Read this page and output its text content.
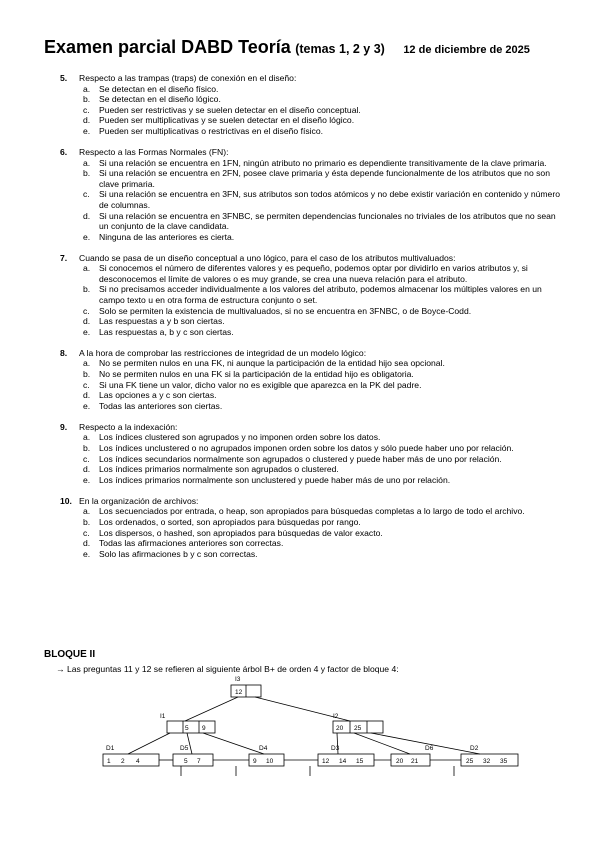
Examen parcial DABD Teoría (temas 1, 2 y 3) 12 de diciembre de 2025
5.	Respecto a las trampas (traps) de conexión en el diseño:
a.	Se detectan en el diseño físico.
b.	Se detectan en el diseño lógico.
c.	Pueden ser restrictivas y se suelen detectar en el diseño conceptual.
d.	Pueden ser multiplicativas y se suelen detectar en el diseño lógico.
e.	Pueden ser multiplicativas o restrictivas en el diseño físico.
6.	Respecto a las Formas Normales (FN):
a.	Si una relación se encuentra en 1FN, ningún atributo no primario es dependiente transitivamente de la clave primaria.
b.	Si una relación se encuentra en 2FN, posee clave primaria y ésta depende funcionalmente de los atributos que no son clave primaria.
c.	Si una relación se encuentra en 3FN, sus atributos son todos atómicos y no debe existir variación en contenido y número de columnas.
d.	Si una relación se encuentra en 3FNBC, se permiten dependencias funcionales no triviales de los atributos que no sean un conjunto de la clave candidata.
e.	Ninguna de las anteriores es cierta.
7.	Cuando se pasa de un diseño conceptual a uno lógico, para el caso de los atributos multivaluados:
a.	Si conocemos el número de diferentes valores y es pequeño, podemos optar por dividirlo en varios atributos y, si desconocemos el límite de valores o es muy grande, se crea una nueva relación para el atributo.
b.	Si no precisamos acceder individualmente a los valores del atributo, podemos almacenar los múltiples valores en un campo texto u en otra forma de estructura conjunto o set.
c.	Solo se permiten la existencia de multivaluados, si no se encuentra en 3FNBC, o de Boyce-Codd.
d.	Las respuestas a y b son ciertas.
e.	Las respuestas a, b y c son ciertas.
8.	A la hora de comprobar las restricciones de integridad de un modelo lógico:
a.	No se permiten nulos en una FK, ni aunque la participación de la entidad hijo sea opcional.
b.	No se permiten nulos en una FK si la participación de la entidad hijo es obligatoria.
c.	Si una FK tiene un valor, dicho valor no es exigible que aparezca en la PK del padre.
d.	Las opciones a y c son ciertas.
e.	Todas las anteriores son ciertas.
9.	Respecto a la indexación:
a.	Los índices clustered son agrupados y no imponen orden sobre los datos.
b.	Los índices unclustered o no agrupados imponen orden sobre los datos y sólo puede haber uno por relación.
c.	Los índices secundarios normalmente son agrupados o clustered y puede haber más de uno por relación.
d.	Los índices primarios normalmente son agrupados o clustered.
e.	Los índices primarios normalmente son unclustered y puede haber más de uno por relación.
10. En la organización de archivos:
a.	Los secuenciados por entrada, o heap, son apropiados para búsquedas completas a lo largo de todo el archivo.
b.	Los ordenados, o sorted, son apropiados para búsquedas por rango.
c.	Los dispersos, o hashed, son apropiados para búsquedas de valor exacto.
d.	Todas las afirmaciones anteriores son correctas.
e.	Solo las afirmaciones b y c son correctas.
BLOQUE II
→ Las preguntas 11 y 12 se refieren al siguiente árbol B+ de orden 4 y factor de bloque 4:
I3
12
I1
5 9
I2
20 25
D1
1 2 4
D5
5 7
D4
9 10
D3
12 14 15
D6
20 21
D2
25 32 35
